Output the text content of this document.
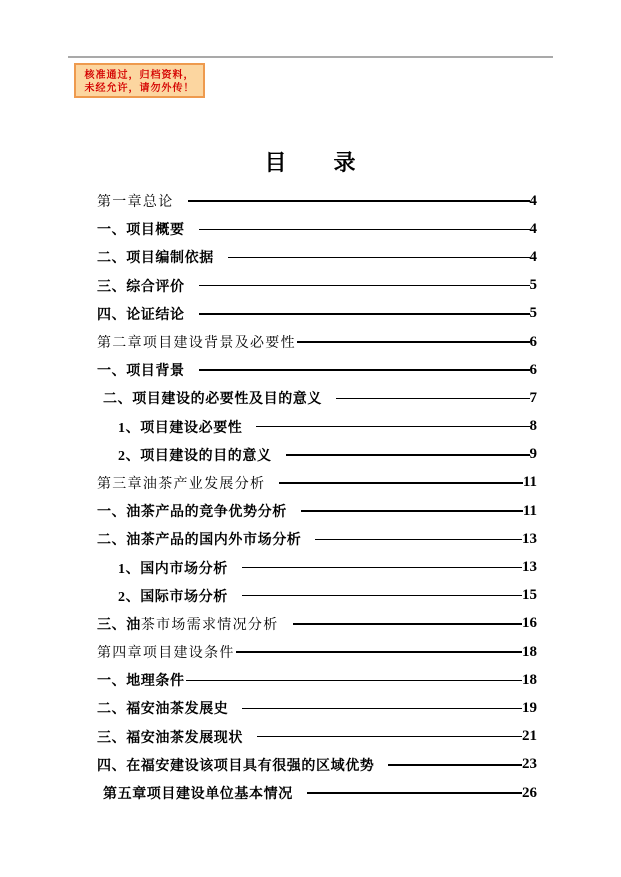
核准通过，归档资料，
未经允许，请勿外传！
目　　录
第一章总论	4
一、项目概要	4
二、项目编制依据	4
三、综合评价	5
四、论证结论	5
第二章项目建设背景及必要性	6
一、项目背景	6
二、项目建设的必要性及目的意义	7
1、项目建设必要性	8
2、项目建设的目的意义	9
第三章油茶产业发展分析	11
一、油茶产品的竞争优势分析	11
二、油茶产品的国内外市场分析	13
1、国内市场分析	13
2、国际市场分析	15
三、油茶市场需求情况分析	16
第四章项目建设条件	18
一、地理条件	18
二、福安油茶发展史	19
三、福安油茶发展现状	21
四、在福安建设该项目具有很强的区域优势	23
第五章项目建设单位基本情况	26
